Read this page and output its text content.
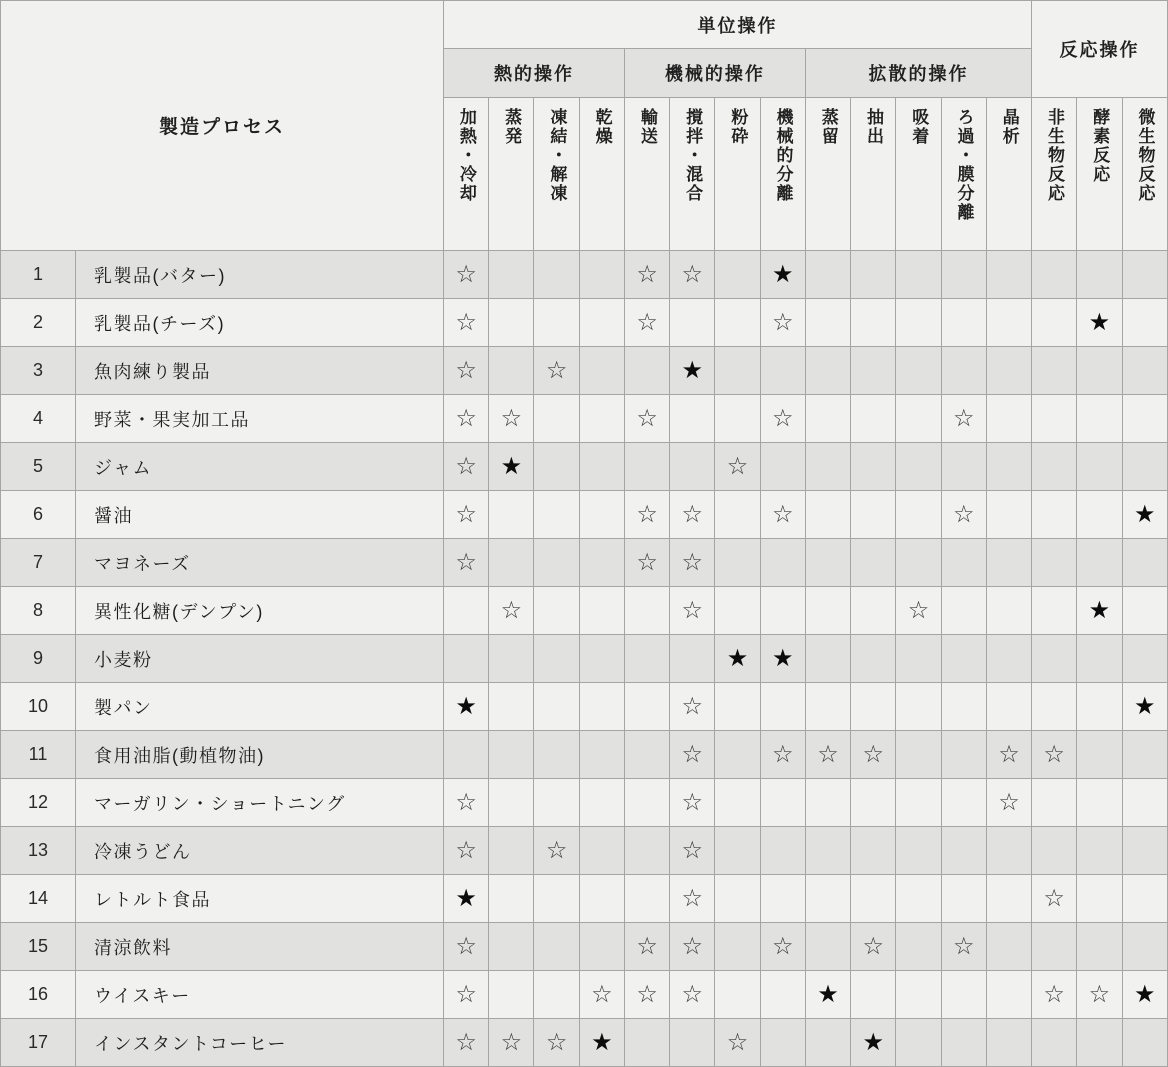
製造プロセス		単位操作													反応操作		
		熱的操作				機械的操作				拡散的操作							
		加熱・冷却	蒸発	凍結・解凍	乾燥	輸送	撹拌・混合	粉砕	機械的分離	蒸留	抽出	吸着	ろ過・膜分離	晶析	非生物反応	酵素反応	微生物反応
1	乳製品(バター)	☆				☆	☆		★								
2	乳製品(チーズ)	☆				☆			☆							★	
3	魚肉練り製品	☆		☆			★										
4	野菜・果実加工品	☆	☆			☆			☆				☆				
5	ジャム	☆	★					☆									
6	醤油	☆				☆	☆		☆				☆				★
7	マヨネーズ	☆				☆	☆										
8	異性化糖(デンプン)		☆				☆					☆				★	
9	小麦粉							★	★								
10	製パン	★					☆										★
11	食用油脂(動植物油)						☆		☆	☆	☆			☆	☆		
12	マーガリン・ショートニング	☆					☆							☆			
13	冷凍うどん	☆		☆			☆										
14	レトルト食品	★					☆								☆		
15	清涼飲料	☆				☆	☆		☆		☆		☆				
16	ウイスキー	☆			☆	☆	☆			★					☆	☆	★
17	インスタントコーヒー	☆	☆	☆	★			☆			★						
